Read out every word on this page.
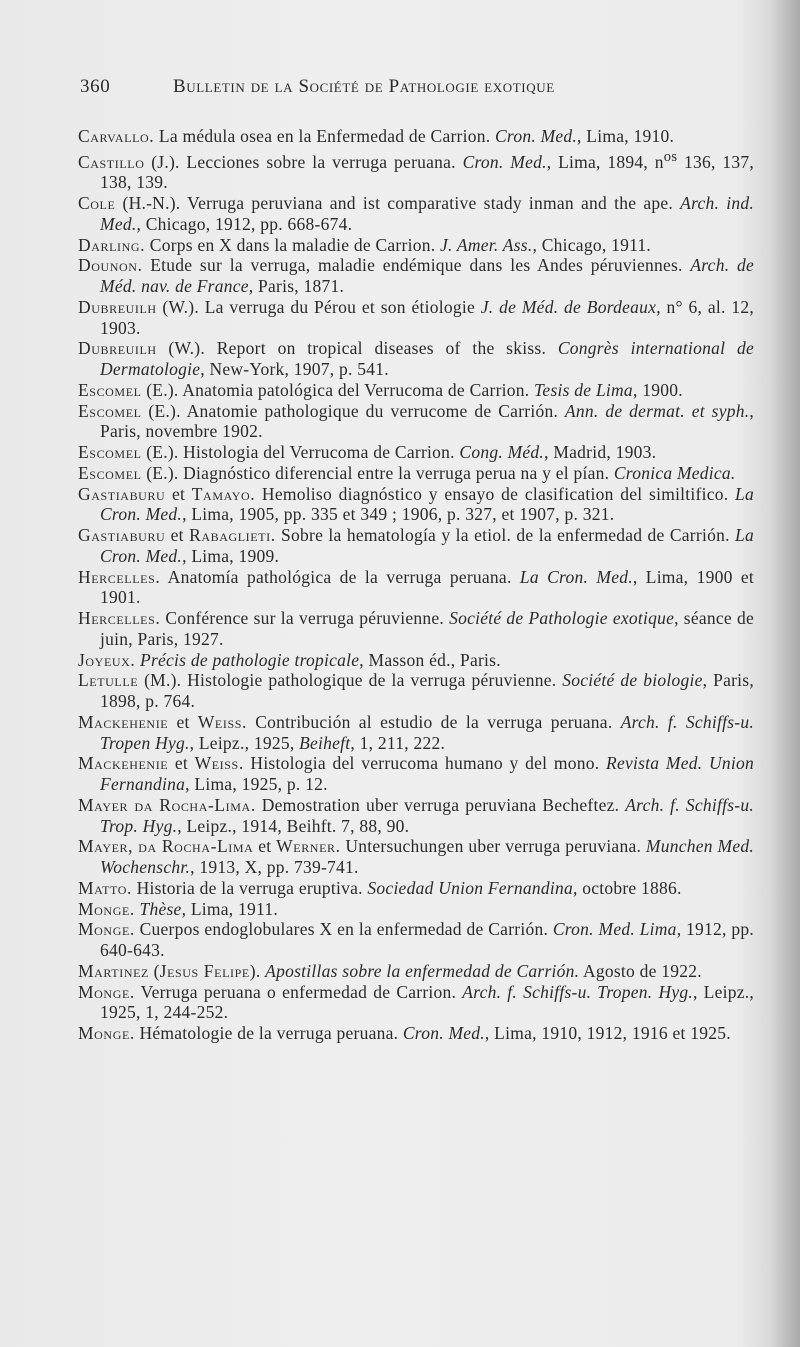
360	Bulletin de la Société de Pathologie exotique

Carvallo. La médula osea en la Enfermedad de Carrion. Cron. Med., Lima, 1910.

Castillo (J.). Lecciones sobre la verruga peruana. Cron. Med., Lima, 1894, $n^{os}$ 136, 137, 138, 139.

Cole (H.-N.). Verruga peruviana and ist comparative stady inman and the ape. Arch. ind. Med., Chicago, 1912, pp. 668-674.

Darling. Corps en X dans la maladie de Carrion. J. Amer. Ass., Chicago, 1911.

Dounon. Etude sur la verruga, maladie endémique dans les Andes péruviennes. Arch. de Méd. nav. de France, Paris, 1871.

Dubreuilh (W.). La verruga du Pérou et son étiologie J. de Méd. de Bordeaux, n° 6, al. 12, 1903.

Dubreuilh (W.). Report on tropical diseases of the skiss. Congrès international de Dermatologie, New-York, 1907, p. 541.

Escomel (E.). Anatomia patológica del Verrucoma de Carrion. Tesis de Lima, 1900.

Escomel (E.). Anatomie pathologique du verrucome de Carrión. Ann. de dermat. et syph., Paris, novembre 1902.

Escomel (E.). Histologia del Verrucoma de Carrion. Cong. Méd., Madrid, 1903.

Escomel (E.). Diagnóstico diferencial entre la verruga perua na y el pían. Cronica Medica.

Gastiaburu et Tamayo. Hemoliso diagnóstico y ensayo de clasification del similtifico. La Cron. Med., Lima, 1905, pp. 335 et 349 ; 1906, p. 327, et 1907, p. 321.

Gastiaburu et Rabaglieti. Sobre la hematología y la etiol. de la enfermedad de Carrión. La Cron. Med., Lima, 1909.

Hercelles. Anatomía pathológica de la verruga peruana. La Cron. Med., Lima, 1900 et 1901.

Hercelles. Conférence sur la verruga péruvienne. Société de Pathologie exotique, séance de juin, Paris, 1927.

Joyeux. Précis de pathologie tropicale, Masson éd., Paris.

Letulle (M.). Histologie pathologique de la verruga péruvienne. Société de biologie, Paris, 1898, p. 764.

Mackehenie et Weiss. Contribución al estudio de la verruga peruana. Arch. f. Schiffs-u. Tropen Hyg., Leipz., 1925, Beiheft, 1, 211, 222.

Mackehenie et Weiss. Histologia del verrucoma humano y del mono. Revista Med. Union Fernandina, Lima, 1925, p. 12.

Mayer da Rocha-Lima. Demostration uber verruga peruviana Becheftez. Arch. f. Schiffs-u. Trop. Hyg., Leipz., 1914, Beihft. 7, 88, 90.

Mayer, da Rocha-Lima et Werner. Untersuchungen uber verruga peruviana. Munchen Med. Wochenschr., 1913, X, pp. 739-741.

Matto. Historia de la verruga eruptiva. Sociedad Union Fernandina, octobre 1886.

Monge. Thèse, Lima, 1911.

Monge. Cuerpos endoglobulares X en la enfermedad de Carrión. Cron. Med. Lima, 1912, pp. 640-643.

Martinez (Jesus Felipe). Apostillas sobre la enfermedad de Carrión. Agosto de 1922.

Monge. Verruga peruana o enfermedad de Carrion. Arch. f. Schiffs-u. Tropen. Hyg., Leipz., 1925, 1, 244-252.

Monge. Hématologie de la verruga peruana. Cron. Med., Lima, 1910, 1912, 1916 et 1925.
